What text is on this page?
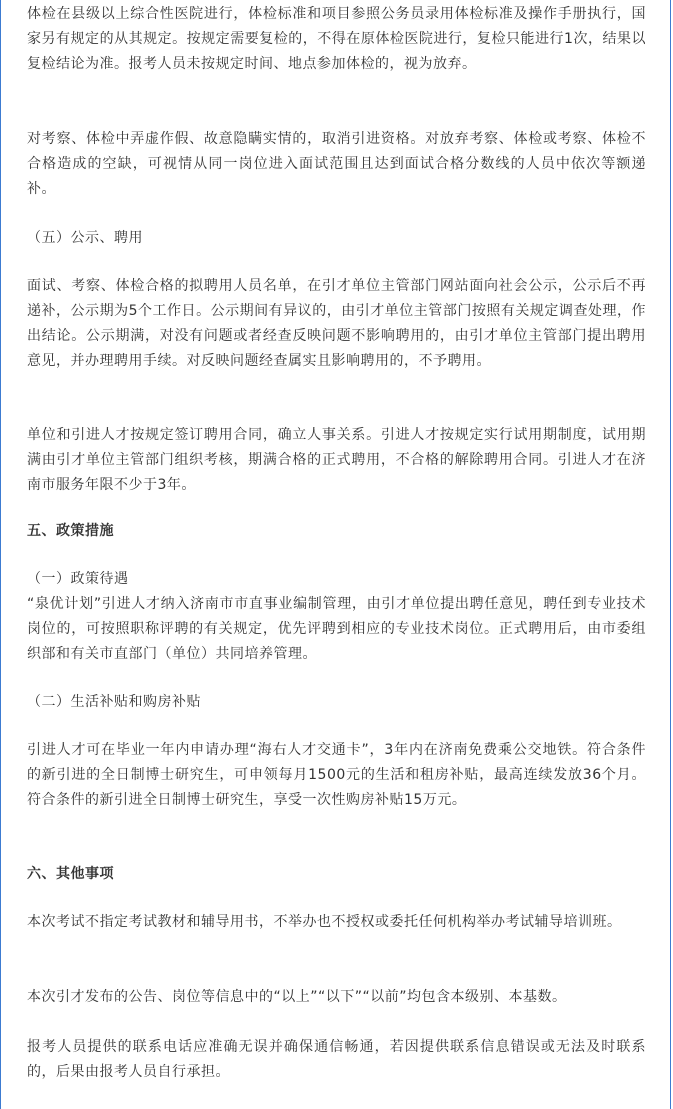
体检在县级以上综合性医院进行，体检标准和项目参照公务员录用体检标准及操作手册执行，国家另有规定的从其规定。按规定需要复检的，不得在原体检医院进行，复检只能进行1次，结果以复检结论为准。报考人员未按规定时间、地点参加体检的，视为放弃。

对考察、体检中弄虚作假、故意隐瞒实情的，取消引进资格。对放弃考察、体检或考察、体检不合格造成的空缺，可视情从同一岗位进入面试范围且达到面试合格分数线的人员中依次等额递补。

（五）公示、聘用

面试、考察、体检合格的拟聘用人员名单，在引才单位主管部门网站面向社会公示，公示后不再递补，公示期为5个工作日。公示期间有异议的，由引才单位主管部门按照有关规定调查处理，作出结论。公示期满，对没有问题或者经查反映问题不影响聘用的，由引才单位主管部门提出聘用意见，并办理聘用手续。对反映问题经查属实且影响聘用的，不予聘用。

单位和引进人才按规定签订聘用合同，确立人事关系。引进人才按规定实行试用期制度，试用期满由引才单位主管部门组织考核，期满合格的正式聘用，不合格的解除聘用合同。引进人才在济南市服务年限不少于3年。

五、政策措施

（一）政策待遇

“泉优计划”引进人才纳入济南市市直事业编制管理，由引才单位提出聘任意见，聘任到专业技术岗位的，可按照职称评聘的有关规定，优先评聘到相应的专业技术岗位。正式聘用后，由市委组织部和有关市直部门（单位）共同培养管理。

（二）生活补贴和购房补贴

引进人才可在毕业一年内申请办理“海右人才交通卡”，3年内在济南免费乘公交地铁。符合条件的新引进的全日制博士研究生，可申领每月1500元的生活和租房补贴，最高连续发放36个月。符合条件的新引进全日制博士研究生，享受一次性购房补贴15万元。

六、其他事项

本次考试不指定考试教材和辅导用书，不举办也不授权或委托任何机构举办考试辅导培训班。

本次引才发布的公告、岗位等信息中的“以上”“以下”“以前”均包含本级别、本基数。

报考人员提供的联系电话应准确无误并确保通信畅通，若因提供联系信息错误或无法及时联系的，后果由报考人员自行承担。
